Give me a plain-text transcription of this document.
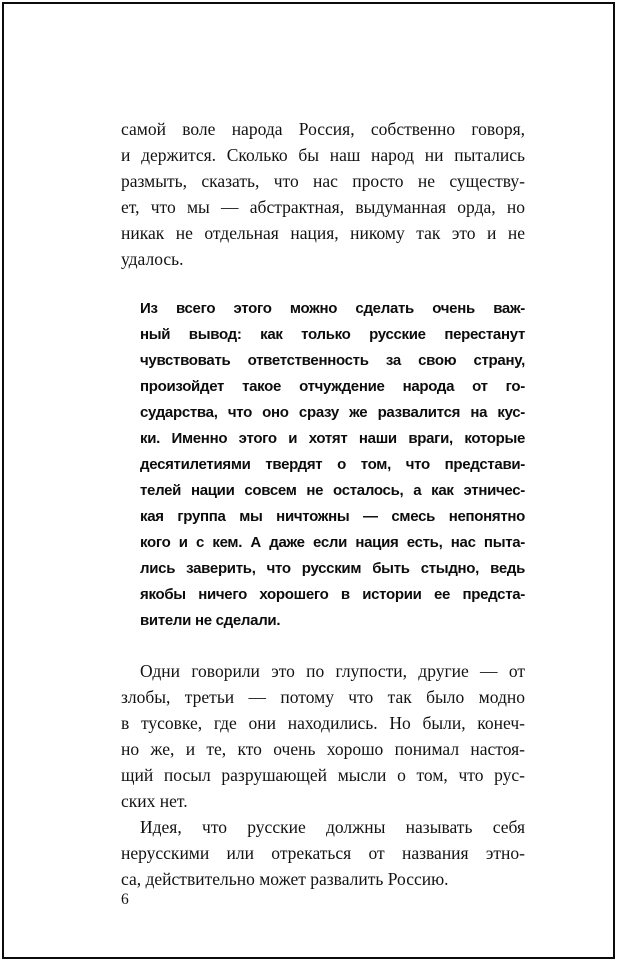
самой воле народа Россия, собственно говоря,
и держится. Сколько бы наш народ ни пытались
размыть, сказать, что нас просто не существу-
ет, что мы — абстрактная, выдуманная орда, но
никак не отдельная нация, никому так это и не
удалось.
Из всего этого можно сделать очень важ-
ный вывод: как только русские перестанут
чувствовать ответственность за свою страну,
произойдет такое отчуждение народа от го-
сударства, что оно сразу же развалится на кус-
ки. Именно этого и хотят наши враги, которые
десятилетиями твердят о том, что представи-
телей нации совсем не осталось, а как этничес-
кая группа мы ничтожны — смесь непонятно
кого и с кем. А даже если нация есть, нас пыта-
лись заверить, что русским быть стыдно, ведь
якобы ничего хорошего в истории ее предста-
вители не сделали.
Одни говорили это по глупости, другие — от
злобы, третьи — потому что так было модно
в тусовке, где они находились. Но были, конеч-
но же, и те, кто очень хорошо понимал настоя-
щий посыл разрушающей мысли о том, что рус-
ских нет.
Идея, что русские должны называть себя
нерусскими или отрекаться от названия этно-
са, действительно может развалить Россию.
6
